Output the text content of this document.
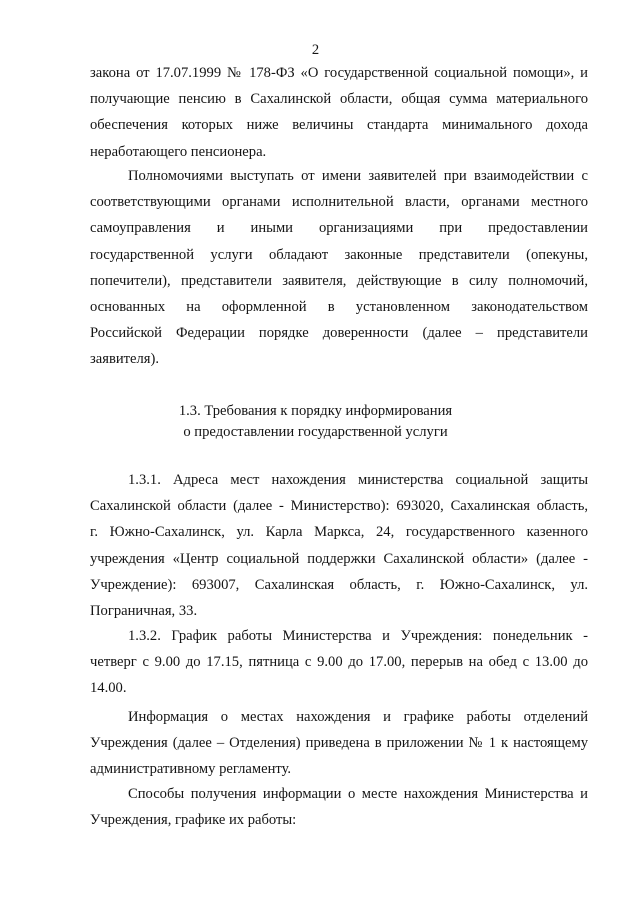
2
закона от 17.07.1999 № 178-ФЗ «О государственной социальной помощи», и
получающие пенсию в Сахалинской области, общая сумма материального
обеспечения которых ниже величины стандарта минимального дохода
неработающего пенсионера.
Полномочиями выступать от имени заявителей при взаимодействии с
соответствующими органами исполнительной власти, органами местного
самоуправления и иными организациями при предоставлении
государственной услуги обладают законные представители (опекуны,
попечители), представители заявителя, действующие в силу полномочий,
основанных на оформленной в установленном законодательством
Российской Федерации порядке доверенности (далее – представители
заявителя).
1.3. Требования к порядку информирования
о предоставлении государственной услуги
1.3.1. Адреса мест нахождения министерства социальной защиты
Сахалинской области (далее - Министерство): 693020, Сахалинская область,
г. Южно-Сахалинск, ул. Карла Маркса, 24, государственного казенного
учреждения «Центр социальной поддержки Сахалинской области» (далее -
Учреждение): 693007, Сахалинская область, г. Южно-Сахалинск, ул.
Пограничная, 33.
1.3.2. График работы Министерства и Учреждения: понедельник -
четверг с 9.00 до 17.15, пятница с 9.00 до 17.00, перерыв на обед с 13.00 до
14.00.
Информация о местах нахождения и графике работы отделений
Учреждения (далее – Отделения) приведена в приложении № 1 к настоящему
административному регламенту.
Способы получения информации о месте нахождения Министерства и
Учреждения, графике их работы:
